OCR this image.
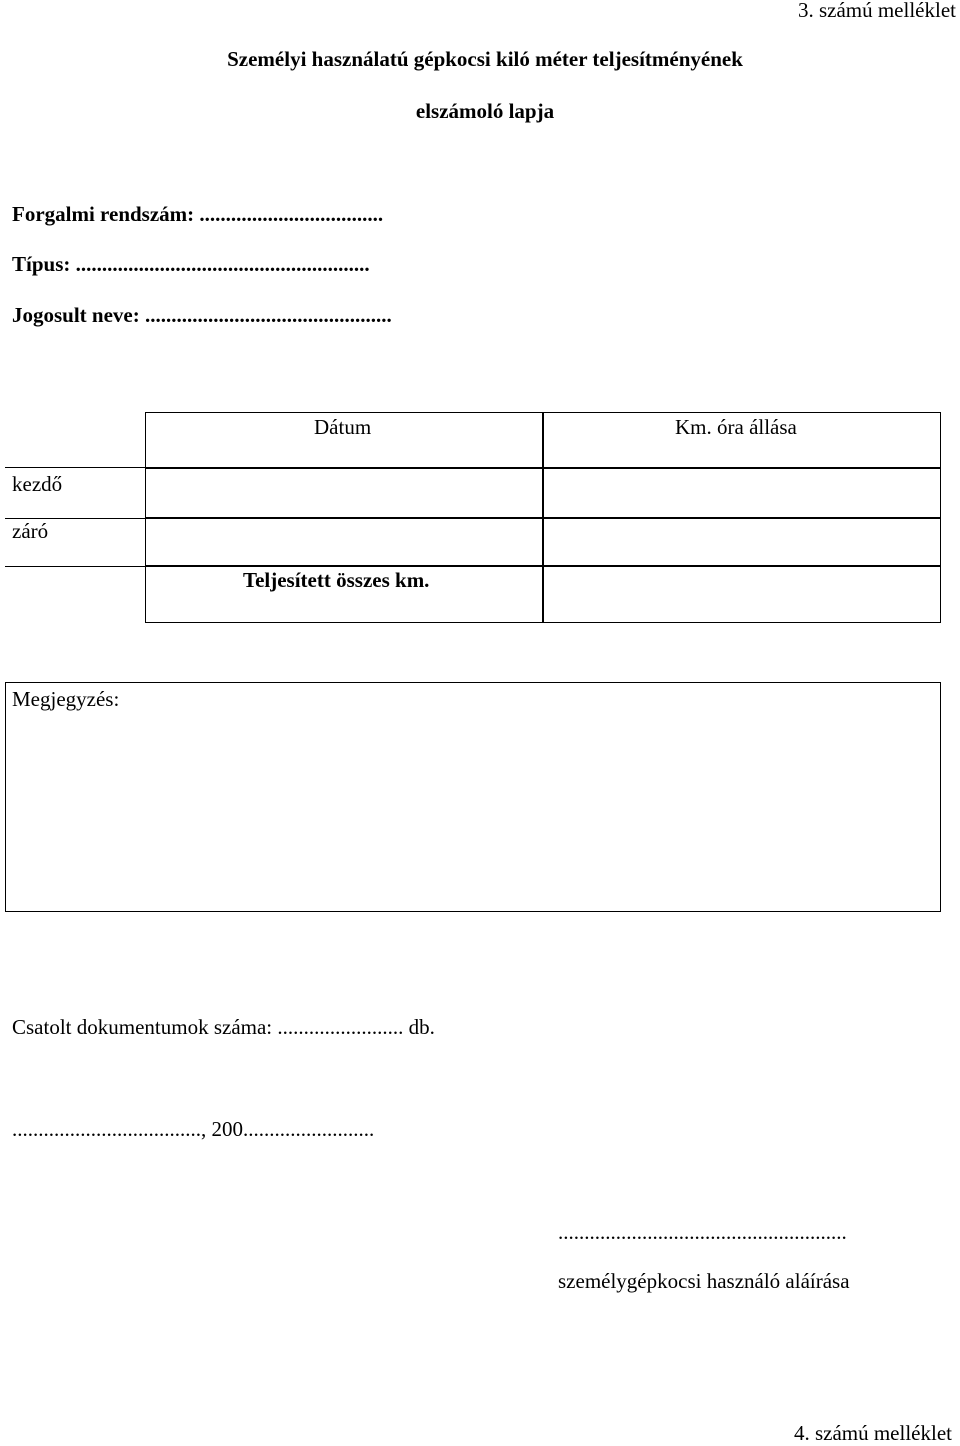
3. számú melléklet
Személyi használatú gépkocsi kiló méter teljesítményének
elszámoló lapja
Forgalmi rendszám: ...................................
Típus: ........................................................
Jogosult neve: ...............................................
Dátum	Km. óra állása
kezdő
záró
Teljesített összes km.
Megjegyzés:
Csatolt dokumentumok száma: ........................ db.
...................................., 200.........................
.......................................................
személygépkocsi használó aláírása
4. számú melléklet
